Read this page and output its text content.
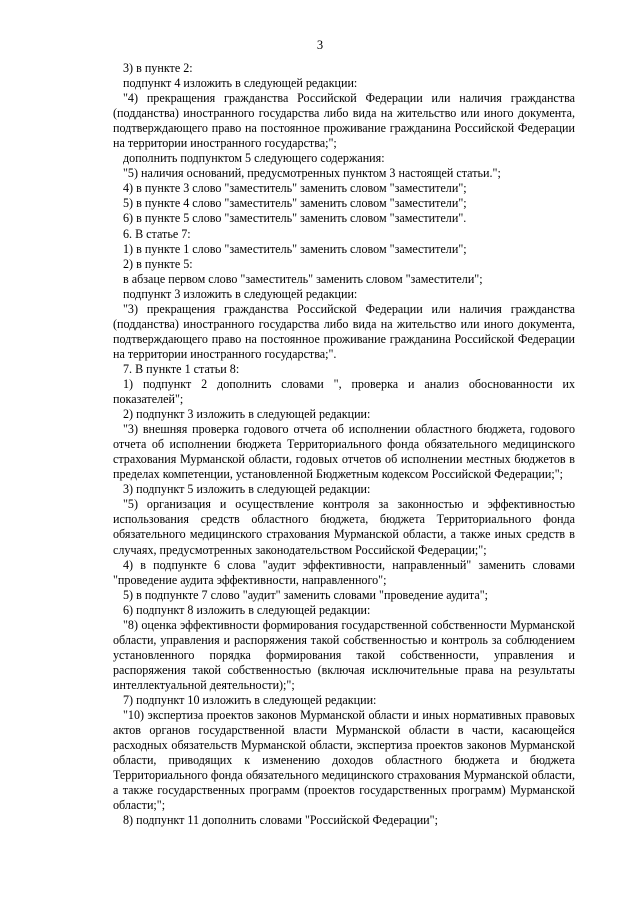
3

3) в пункте 2:

подпункт 4 изложить в следующей редакции:

"4) прекращения гражданства Российской Федерации или наличия гражданства (подданства) иностранного государства либо вида на жительство или иного документа, подтверждающего право на постоянное проживание гражданина Российской Федерации на территории иностранного государства;";

дополнить подпунктом 5 следующего содержания:

"5) наличия оснований, предусмотренных пунктом 3 настоящей статьи.";

4) в пункте 3 слово "заместитель" заменить словом "заместители";

5) в пункте 4 слово "заместитель" заменить словом "заместители";

6) в пункте 5 слово "заместитель" заменить словом "заместители".

6. В статье 7:

1) в пункте 1 слово "заместитель" заменить словом "заместители";

2) в пункте 5:

в абзаце первом слово "заместитель" заменить словом "заместители";

подпункт 3 изложить в следующей редакции:

"3) прекращения гражданства Российской Федерации или наличия гражданства (подданства) иностранного государства либо вида на жительство или иного документа, подтверждающего право на постоянное проживание гражданина Российской Федерации на территории иностранного государства;".

7. В пункте 1 статьи 8:

1) подпункт 2 дополнить словами ", проверка и анализ обоснованности их показателей";

2) подпункт 3 изложить в следующей редакции:

"3) внешняя проверка годового отчета об исполнении областного бюджета, годового отчета об исполнении бюджета Территориального фонда обязательного медицинского страхования Мурманской области, годовых отчетов об исполнении местных бюджетов в пределах компетенции, установленной Бюджетным кодексом Российской Федерации;";

3) подпункт 5 изложить в следующей редакции:

"5) организация и осуществление контроля за законностью и эффективностью использования средств областного бюджета, бюджета Территориального фонда обязательного медицинского страхования Мурманской области, а также иных средств в случаях, предусмотренных законодательством Российской Федерации;";

4) в подпункте 6 слова "аудит эффективности, направленный" заменить словами "проведение аудита эффективности, направленного";

5) в подпункте 7 слово "аудит" заменить словами "проведение аудита";

6) подпункт 8 изложить в следующей редакции:

"8) оценка эффективности формирования государственной собственности Мурманской области, управления и распоряжения такой собственностью и контроль за соблюдением установленного порядка формирования такой собственности, управления и распоряжения такой собственностью (включая исключительные права на результаты интеллектуальной деятельности);";

7) подпункт 10 изложить в следующей редакции:

"10) экспертиза проектов законов Мурманской области и иных нормативных правовых актов органов государственной власти Мурманской области в части, касающейся расходных обязательств Мурманской области, экспертиза проектов законов Мурманской области, приводящих к изменению доходов областного бюджета и бюджета Территориального фонда обязательного медицинского страхования Мурманской области, а также государственных программ (проектов государственных программ) Мурманской области;";

8) подпункт 11 дополнить словами "Российской Федерации";
